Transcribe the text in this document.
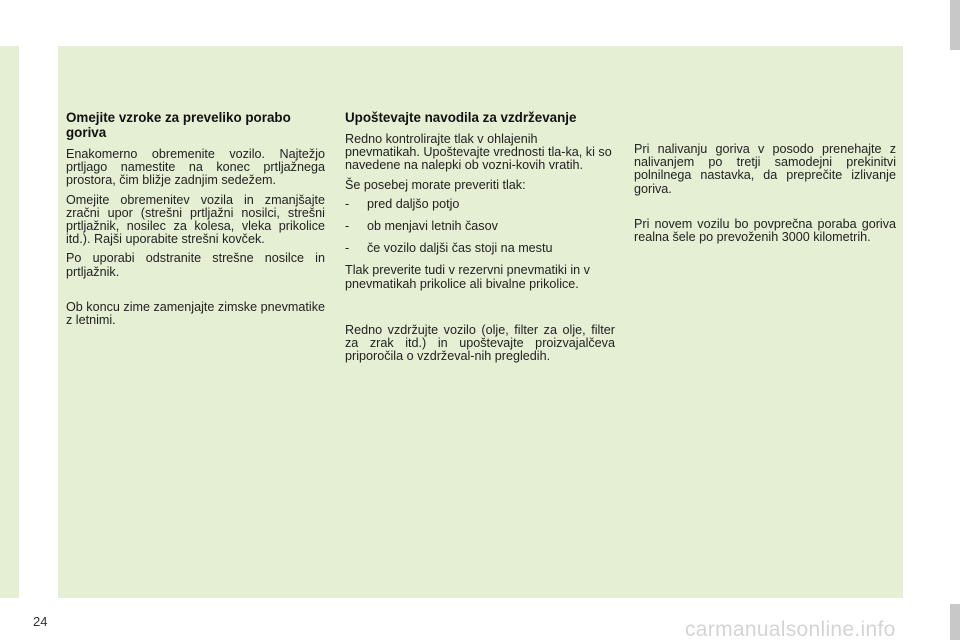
Omejite vzroke za preveliko porabo goriva

Enakomerno obremenite vozilo. Najtežjo prtljago namestite na konec prtljažnega prostora, čim bližje zadnjim sedežem.

Omejite obremenitev vozila in zmanjšajte zračni upor (strešni prtljažni nosilci, strešni prtljažnik, nosilec za kolesa, vleka prikolice itd.). Rajši uporabite strešni kovček.

Po uporabi odstranite strešne nosilce in prtljažnik.

Ob koncu zime zamenjajte zimske pnevmatike z letnimi.

Upoštevajte navodila za vzdrževanje

Redno kontrolirajte tlak v ohlajenih pnevmatikah. Upoštevajte vrednosti tla-ka, ki so navedene na nalepki ob vozni-kovih vratih.

Še posebej morate preveriti tlak:

-	pred daljšo potjo
-	ob menjavi letnih časov
-	če vozilo daljši čas stoji na mestu

Tlak preverite tudi v rezervni pnevmatiki in v pnevmatikah prikolice ali bivalne prikolice.

Redno vzdržujte vozilo (olje, filter za olje, filter za zrak itd.) in upoštevajte proizvajalčeva priporočila o vzdrževal-nih pregledih.

Pri nalivanju goriva v posodo prenehajte z nalivanjem po tretji samodejni prekinitvi polnilnega nastavka, da preprečite izlivanje goriva.

Pri novem vozilu bo povprečna poraba goriva realna šele po prevoženih 3000 kilometrih.

24	carmanualsonline.info
